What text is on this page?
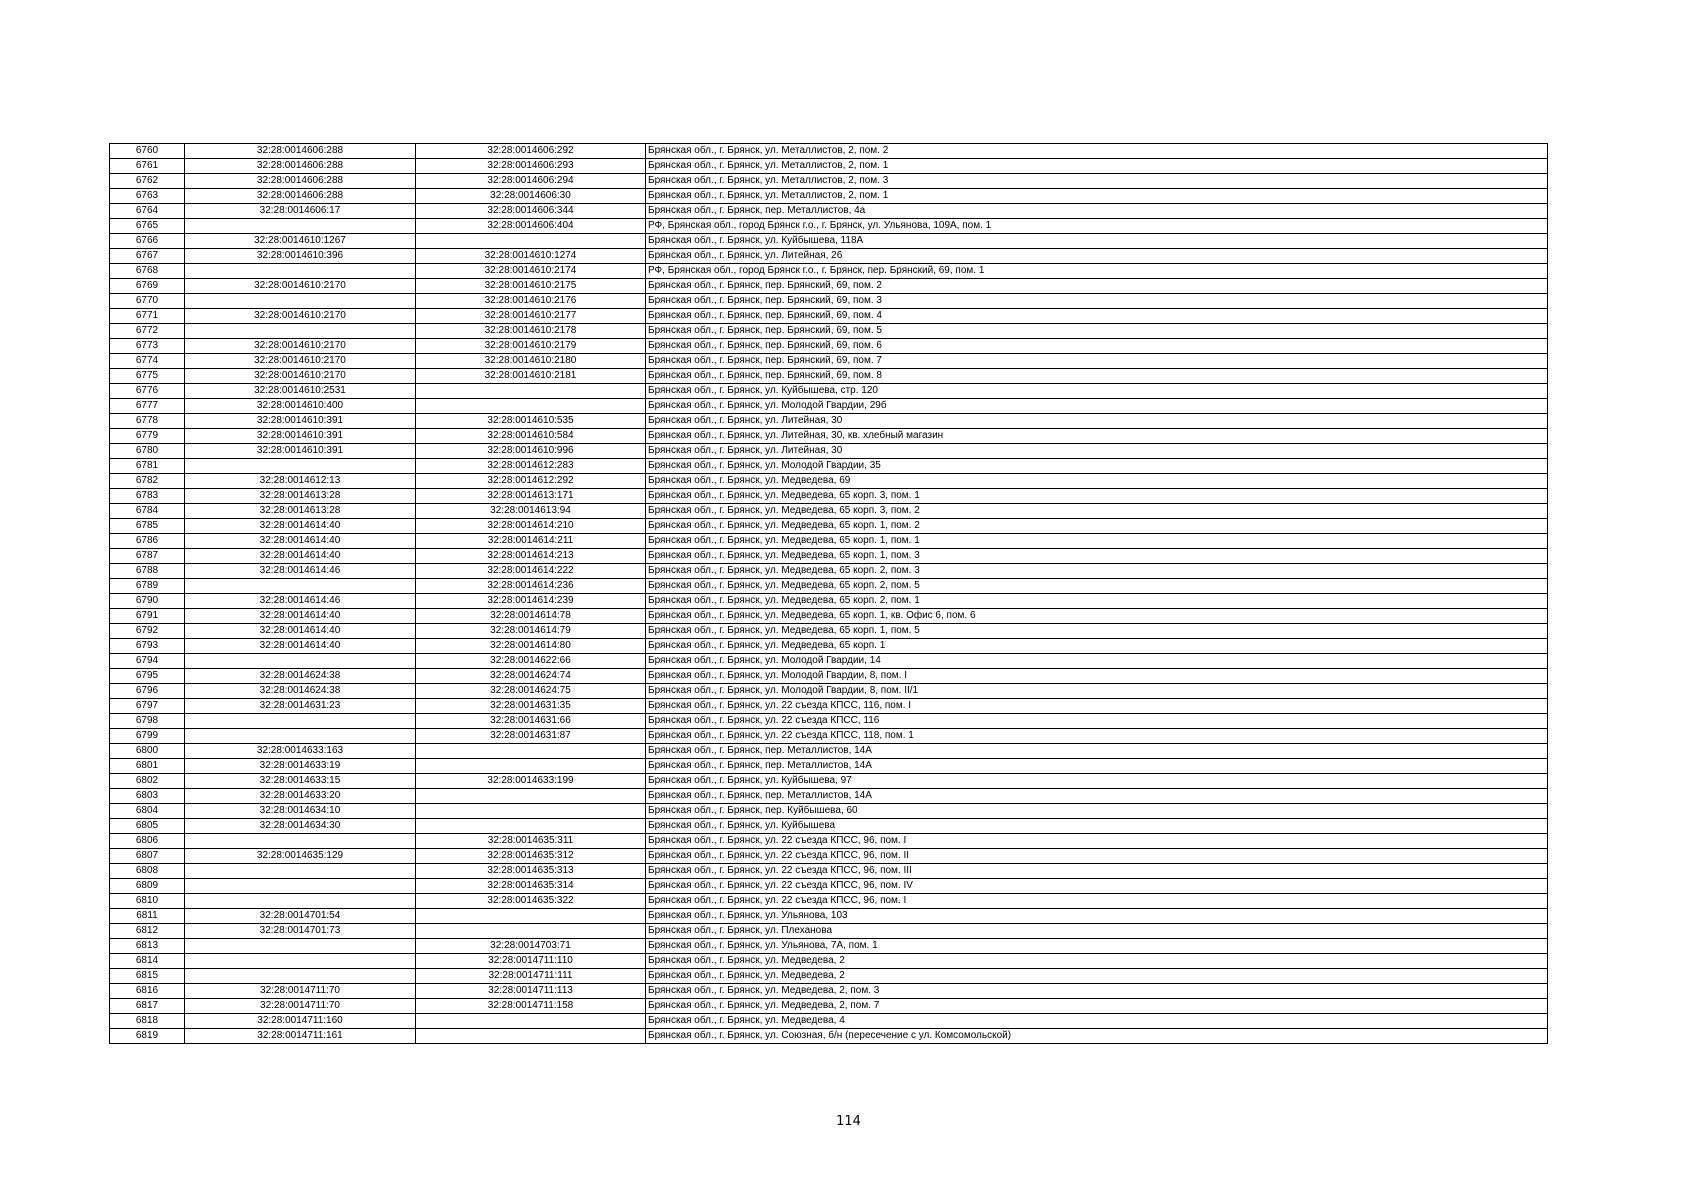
6760	32:28:0014606:288	32:28:0014606:292	Брянская обл., г. Брянск, ул. Металлистов, 2, пом. 2
6761	32:28:0014606:288	32:28:0014606:293	Брянская обл., г. Брянск, ул. Металлистов, 2, пом. 1
6762	32:28:0014606:288	32:28:0014606:294	Брянская обл., г. Брянск, ул. Металлистов, 2, пом. 3
6763	32:28:0014606:288	32:28:0014606:30	Брянская обл., г. Брянск, ул. Металлистов, 2, пом. 1
6764	32:28:0014606:17	32:28:0014606:344	Брянская обл., г. Брянск, пер. Металлистов, 4а
6765		32:28:0014606:404	РФ, Брянская обл., город Брянск г.о., г. Брянск, ул. Ульянова, 109А, пом. 1
6766	32:28:0014610:1267		Брянская обл., г. Брянск, ул. Куйбышева, 118А
6767	32:28:0014610:396	32:28:0014610:1274	Брянская обл., г. Брянск, ул. Литейная, 26
6768		32:28:0014610:2174	РФ, Брянская обл., город Брянск г.о., г. Брянск, пер. Брянский, 69, пом. 1
6769	32:28:0014610:2170	32:28:0014610:2175	Брянская обл., г. Брянск, пер. Брянский, 69, пом. 2
6770		32:28:0014610:2176	Брянская обл., г. Брянск, пер. Брянский, 69, пом. 3
6771	32:28:0014610:2170	32:28:0014610:2177	Брянская обл., г. Брянск, пер. Брянский, 69, пом. 4
6772		32:28:0014610:2178	Брянская обл., г. Брянск, пер. Брянский, 69, пом. 5
6773	32:28:0014610:2170	32:28:0014610:2179	Брянская обл., г. Брянск, пер. Брянский, 69, пом. 6
6774	32:28:0014610:2170	32:28:0014610:2180	Брянская обл., г. Брянск, пер. Брянский, 69, пом. 7
6775	32:28:0014610:2170	32:28:0014610:2181	Брянская обл., г. Брянск, пер. Брянский, 69, пом. 8
6776	32:28:0014610:2531		Брянская обл., г. Брянск, ул. Куйбышева, стр. 120
6777	32:28:0014610:400		Брянская обл., г. Брянск, ул. Молодой Гвардии, 29б
6778	32:28:0014610:391	32:28:0014610:535	Брянская обл., г. Брянск, ул. Литейная, 30
6779	32:28:0014610:391	32:28:0014610:584	Брянская обл., г. Брянск, ул. Литейная, 30, кв. хлебный магазин
6780	32:28:0014610:391	32:28:0014610:996	Брянская обл., г. Брянск, ул. Литейная, 30
6781		32:28:0014612:283	Брянская обл., г. Брянск, ул. Молодой Гвардии, 35
6782	32:28:0014612:13	32:28:0014612:292	Брянская обл., г. Брянск, ул. Медведева, 69
6783	32:28:0014613:28	32:28:0014613:171	Брянская обл., г. Брянск, ул. Медведева, 65 корп. 3, пом. 1
6784	32:28:0014613:28	32:28:0014613:94	Брянская обл., г. Брянск, ул. Медведева, 65 корп. 3, пом. 2
6785	32:28:0014614:40	32:28:0014614:210	Брянская обл., г. Брянск, ул. Медведева, 65 корп. 1, пом. 2
6786	32:28:0014614:40	32:28:0014614:211	Брянская обл., г. Брянск, ул. Медведева, 65 корп. 1, пом. 1
6787	32:28:0014614:40	32:28:0014614:213	Брянская обл., г. Брянск, ул. Медведева, 65 корп. 1, пом. 3
6788	32:28:0014614:46	32:28:0014614:222	Брянская обл., г. Брянск, ул. Медведева, 65 корп. 2, пом. 3
6789		32:28:0014614:236	Брянская обл., г. Брянск, ул. Медведева, 65 корп. 2, пом. 5
6790	32:28:0014614:46	32:28:0014614:239	Брянская обл., г. Брянск, ул. Медведева, 65 корп. 2, пом. 1
6791	32:28:0014614:40	32:28:0014614:78	Брянская обл., г. Брянск, ул. Медведева, 65 корп. 1, кв. Офис 6, пом. 6
6792	32:28:0014614:40	32:28:0014614:79	Брянская обл., г. Брянск, ул. Медведева, 65 корп. 1, пом. 5
6793	32:28:0014614:40	32:28:0014614:80	Брянская обл., г. Брянск, ул. Медведева, 65 корп. 1
6794		32:28:0014622:66	Брянская обл., г. Брянск, ул. Молодой Гвардии, 14
6795	32:28:0014624:38	32:28:0014624:74	Брянская обл., г. Брянск, ул. Молодой Гвардии, 8, пом. I
6796	32:28:0014624:38	32:28:0014624:75	Брянская обл., г. Брянск, ул. Молодой Гвардии, 8, пом. II/1
6797	32:28:0014631:23	32:28:0014631:35	Брянская обл., г. Брянск, ул. 22 съезда КПСС, 116, пом. I
6798		32:28:0014631:66	Брянская обл., г. Брянск, ул. 22 съезда КПСС, 116
6799		32:28:0014631:87	Брянская обл., г. Брянск, ул. 22 съезда КПСС, 118, пом. 1
6800	32:28:0014633:163		Брянская обл., г. Брянск, пер. Металлистов, 14А
6801	32:28:0014633:19		Брянская обл., г. Брянск, пер. Металлистов, 14А
6802	32:28:0014633:15	32:28:0014633:199	Брянская обл., г. Брянск, ул. Куйбышева, 97
6803	32:28:0014633:20		Брянская обл., г. Брянск, пер. Металлистов, 14А
6804	32:28:0014634:10		Брянская обл., г. Брянск, пер. Куйбышева, 60
6805	32:28:0014634:30		Брянская обл., г. Брянск, ул. Куйбышева
6806		32:28:0014635:311	Брянская обл., г. Брянск, ул. 22 съезда КПСС, 96, пом. I
6807	32:28:0014635:129	32:28:0014635:312	Брянская обл., г. Брянск, ул. 22 съезда КПСС, 96, пом. II
6808		32:28:0014635:313	Брянская обл., г. Брянск, ул. 22 съезда КПСС, 96, пом. III
6809		32:28:0014635:314	Брянская обл., г. Брянск, ул. 22 съезда КПСС, 96, пом. IV
6810		32:28:0014635:322	Брянская обл., г. Брянск, ул. 22 съезда КПСС, 96, пом. I
6811	32:28:0014701:54		Брянская обл., г. Брянск, ул. Ульянова, 103
6812	32:28:0014701:73		Брянская обл., г. Брянск, ул. Плеханова
6813		32:28:0014703:71	Брянская обл., г. Брянск, ул. Ульянова, 7А, пом. 1
6814		32:28:0014711:110	Брянская обл., г. Брянск, ул. Медведева, 2
6815		32:28:0014711:111	Брянская обл., г. Брянск, ул. Медведева, 2
6816	32:28:0014711:70	32:28:0014711:113	Брянская обл., г. Брянск, ул. Медведева, 2, пом. 3
6817	32:28:0014711:70	32:28:0014711:158	Брянская обл., г. Брянск, ул. Медведева, 2, пом. 7
6818	32:28:0014711:160		Брянская обл., г. Брянск, ул. Медведева, 4
6819	32:28:0014711:161		Брянская обл., г. Брянск, ул. Союзная, б/н (пересечение с ул. Комсомольской)
114
